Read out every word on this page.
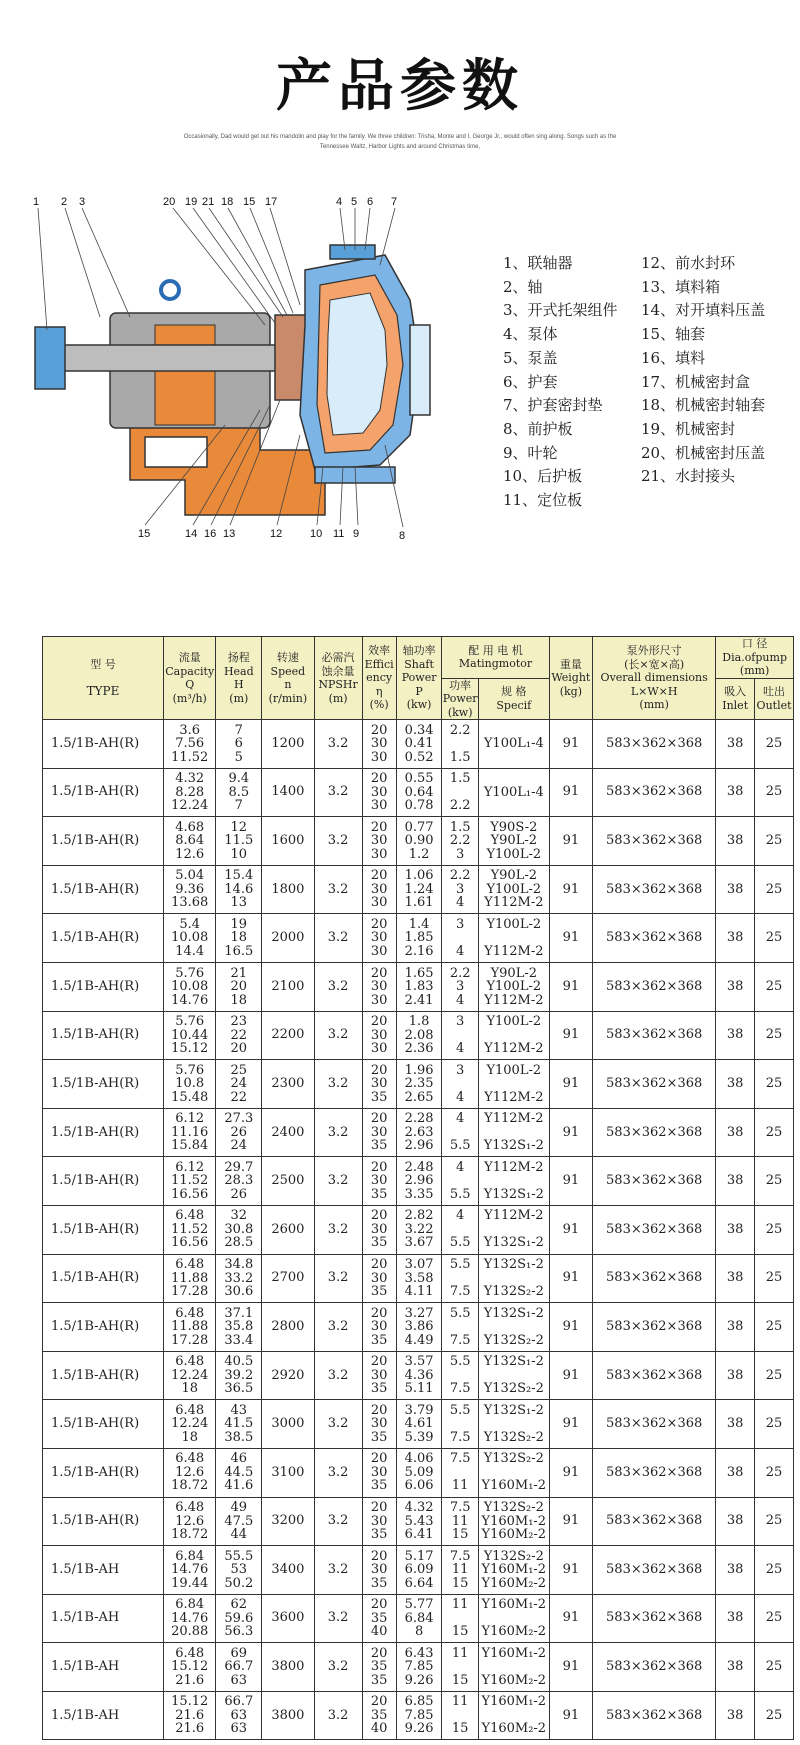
产品参数
Occasionally, Dad would get out his mandolin and play for the family. We three children: Trisha, Monte and I, George Jr., would often sing along. Songs such as the Tennessee Waltz, Harbor Lights and around Christmas time,
1 2 3	20 19 21 18 15 17	4 5 6 7
15	14 16 13	12	10 11 9	8
1、联轴器
2、轴
3、开式托架组件
4、泵体
5、泵盖
6、护套
7、护套密封垫
8、前护板
9、叶轮
10、后护板
11、定位板
12、前水封环
13、填料箱
14、对开填料压盖
15、轴套
16、填料
17、机械密封盒
18、机械密封轴套
19、机械密封
20、机械密封压盖
21、水封接头
型 号
TYPE	流量
Capacity
Q
(m³/h)	扬程
Head
H
(m)	转速
Speed
n
(r/min)	必需汽
蚀余量
NPSHr
(m)	效率
Effici
ency
η
(%)	轴功率
Shaft
Power
P
(kw)	配 用 电 机
Matingmotor		重量
Weight
(kg)	泵外形尺寸
(长×宽×高)
Overall dimensions
L×W×H
(mm)	口 径
Dia.ofpump
(mm)	

							功率
Power
(kw)	规 格
Specif			吸入
Inlet	吐出
Outlet

1.5/1B-AH(R)	3.6
7.56
11.52	7
6
5	1200	3.2	20
30
30	0.34
0.41
0.52	2.2

1.5	Y100L₁-4	91	583×362×368	38	25
1.5/1B-AH(R)	4.32
8.28
12.24	9.4
8.5
7	1400	3.2	20
30
30	0.55
0.64
0.78	1.5

2.2	Y100L₁-4	91	583×362×368	38	25
1.5/1B-AH(R)	4.68
8.64
12.6	12
11.5
10	1600	3.2	20
30
30	0.77
0.90
1.2	1.5
2.2
3	Y90S-2
Y90L-2
Y100L-2	91	583×362×368	38	25
1.5/1B-AH(R)	5.04
9.36
13.68	15.4
14.6
13	1800	3.2	20
30
30	1.06
1.24
1.61	2.2
3
4	Y90L-2
Y100L-2
Y112M-2	91	583×362×368	38	25
1.5/1B-AH(R)	5.4
10.08
14.4	19
18
16.5	2000	3.2	20
30
30	1.4
1.85
2.16	3

4	Y100L-2

Y112M-2	91	583×362×368	38	25
1.5/1B-AH(R)	5.76
10.08
14.76	21
20
18	2100	3.2	20
30
30	1.65
1.83
2.41	2.2
3
4	Y90L-2
Y100L-2
Y112M-2	91	583×362×368	38	25
1.5/1B-AH(R)	5.76
10.44
15.12	23
22
20	2200	3.2	20
30
30	1.8
2.08
2.36	3

4	Y100L-2

Y112M-2	91	583×362×368	38	25
1.5/1B-AH(R)	5.76
10.8
15.48	25
24
22	2300	3.2	20
30
35	1.96
2.35
2.65	3

4	Y100L-2

Y112M-2	91	583×362×368	38	25
1.5/1B-AH(R)	6.12
11.16
15.84	27.3
26
24	2400	3.2	20
30
35	2.28
2.63
2.96	4

5.5	Y112M-2

Y132S₁-2	91	583×362×368	38	25
1.5/1B-AH(R)	6.12
11.52
16.56	29.7
28.3
26	2500	3.2	20
30
35	2.48
2.96
3.35	4

5.5	Y112M-2

Y132S₁-2	91	583×362×368	38	25
1.5/1B-AH(R)	6.48
11.52
16.56	32
30.8
28.5	2600	3.2	20
30
35	2.82
3.22
3.67	4

5.5	Y112M-2

Y132S₁-2	91	583×362×368	38	25
1.5/1B-AH(R)	6.48
11.88
17.28	34.8
33.2
30.6	2700	3.2	20
30
35	3.07
3.58
4.11	5.5

7.5	Y132S₁-2

Y132S₂-2	91	583×362×368	38	25
1.5/1B-AH(R)	6.48
11.88
17.28	37.1
35.8
33.4	2800	3.2	20
30
35	3.27
3.86
4.49	5.5

7.5	Y132S₁-2

Y132S₂-2	91	583×362×368	38	25
1.5/1B-AH(R)	6.48
12.24
18	40.5
39.2
36.5	2920	3.2	20
30
35	3.57
4.36
5.11	5.5

7.5	Y132S₁-2

Y132S₂-2	91	583×362×368	38	25
1.5/1B-AH(R)	6.48
12.24
18	43
41.5
38.5	3000	3.2	20
30
35	3.79
4.61
5.39	5.5

7.5	Y132S₁-2

Y132S₂-2	91	583×362×368	38	25
1.5/1B-AH(R)	6.48
12.6
18.72	46
44.5
41.6	3100	3.2	20
30
35	4.06
5.09
6.06	7.5

11	Y132S₂-2

Y160M₁-2	91	583×362×368	38	25
1.5/1B-AH(R)	6.48
12.6
18.72	49
47.5
44	3200	3.2	20
30
35	4.32
5.43
6.41	7.5
11
15	Y132S₂-2
Y160M₁-2
Y160M₂-2	91	583×362×368	38	25
1.5/1B-AH	6.84
14.76
19.44	55.5
53
50.2	3400	3.2	20
30
35	5.17
6.09
6.64	7.5
11
15	Y132S₂-2
Y160M₁-2
Y160M₂-2	91	583×362×368	38	25
1.5/1B-AH	6.84
14.76
20.88	62
59.6
56.3	3600	3.2	20
35
40	5.77
6.84
8	11

15	Y160M₁-2

Y160M₂-2	91	583×362×368	38	25
1.5/1B-AH	6.48
15.12
21.6	69
66.7
63	3800	3.2	20
35
35	6.43
7.85
9.26	11

15	Y160M₁-2

Y160M₂-2	91	583×362×368	38	25
1.5/1B-AH	15.12
21.6
21.6	66.7
63
63	3800	3.2	20
35
40	6.85
7.85
9.26	11

15	Y160M₁-2

Y160M₂-2	91	583×362×368	38	25
